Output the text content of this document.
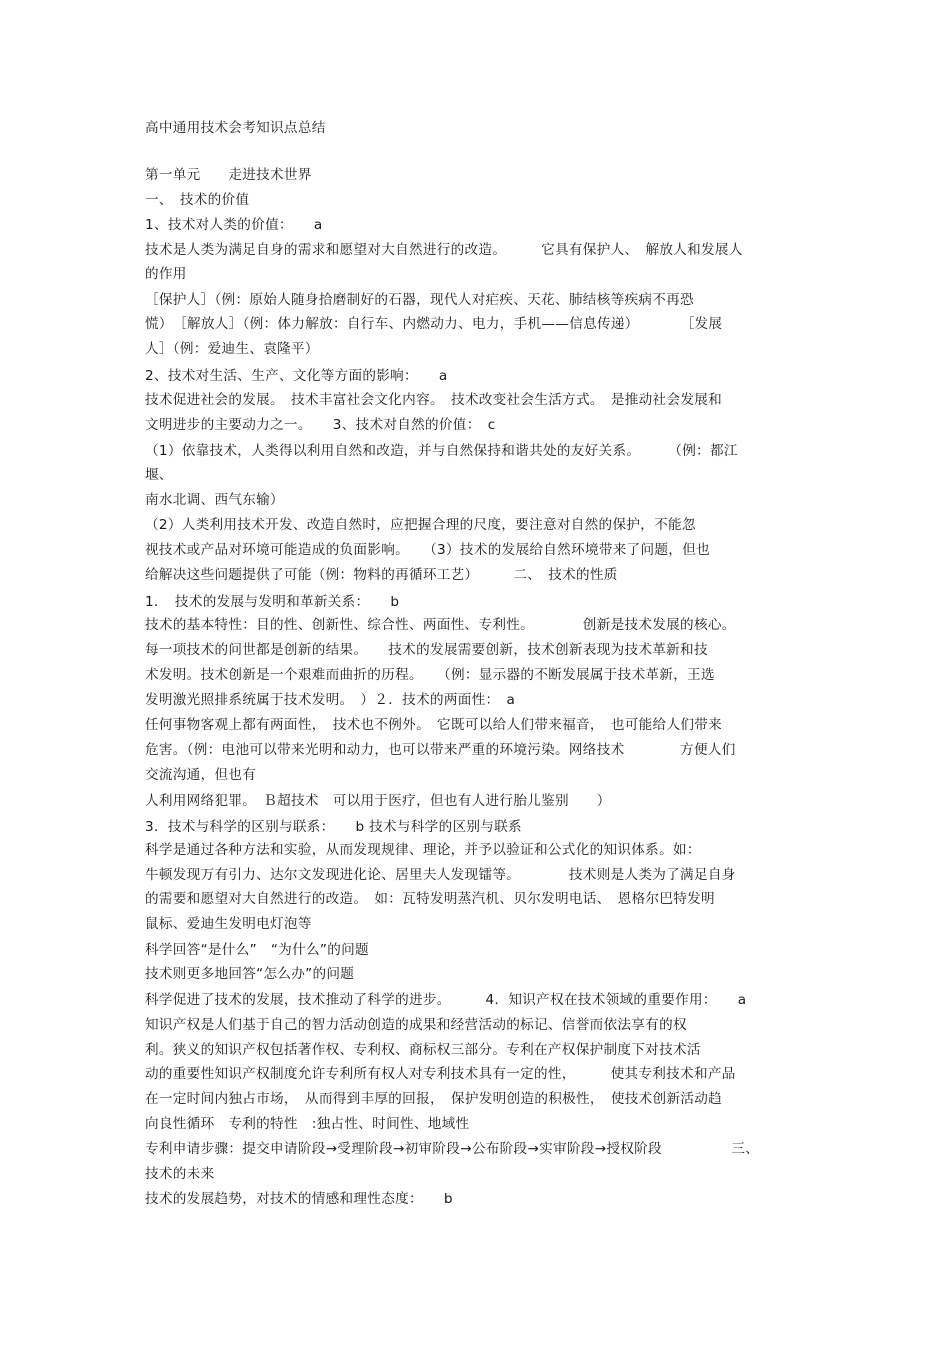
高中通用技术会考知识点总结
第一单元　　走进技术世界
一、　技术的价值
1、技术对人类的价值：　　a
技术是人类为满足自身的需求和愿望对大自然进行的改造。　　　它具有保护人、　解放人和发展人
的作用
［保护人］（例：原始人随身拾磨制好的石器，现代人对疟疾、天花、肺结核等疾病不再恐
慌）　［解放人］（例：体力解放：自行车、内燃动力、电力，手机——信息传递）　　　　［发展
人］（例：爱迪生、袁隆平）
2、技术对生活、生产、文化等方面的影响：　　a
技术促进社会的发展。　技术丰富社会文化内容。　技术改变社会生活方式。　是推动社会发展和
文明进步的主要动力之一。　　3、技术对自然的价值：　c
（1）依靠技术，人类得以利用自然和改造，并与自然保持和谐共处的友好关系。　　　（例：都江
堰、
南水北调、西气东输）
（2）人类利用技术开发、改造自然时，应把握合理的尺度，要注意对自然的保护，不能忽
视技术或产品对环境可能造成的负面影响。　　（3）技术的发展给自然环境带来了问题，但也
给解决这些问题提供了可能（例：物料的再循环工艺）　　　二、　技术的性质
1．　技术的发展与发明和革新关系：　　b
技术的基本特性：目的性、创新性、综合性、两面性、专利性。　　　　创新是技术发展的核心。
每一项技术的问世都是创新的结果。　　技术的发展需要创新，技术创新表现为技术革新和技
术发明。技术创新是一个艰难而曲折的历程。　　（例：显示器的不断发展属于技术革新，王选
发明激光照排系统属于技术发明。　）２．技术的两面性：　a
任何事物客观上都有两面性，　技术也不例外。　它既可以给人们带来福音，　也可能给人们带来
危害。（例：电池可以带来光明和动力，也可以带来严重的环境污染。网络技术　　　　方便人们
交流沟通，但也有
人利用网络犯罪。　Ｂ超技术　可以用于医疗，但也有人进行胎儿鉴别　　）
3．技术与科学的区别与联系：　　b 技术与科学的区别与联系
科学是通过各种方法和实验，从而发现规律、理论，并予以验证和公式化的知识体系。如：
牛顿发现万有引力、达尔文发现进化论、居里夫人发现镭等。　　　　技术则是人类为了满足自身
的需要和愿望对大自然进行的改造。　如：瓦特发明蒸汽机、贝尔发明电话、　恩格尔巴特发明
鼠标、爱迪生发明电灯泡等
科学回答“是什么”　“为什么”的问题
技术则更多地回答“怎么办”的问题
科学促进了技术的发展，技术推动了科学的进步。　　　4．知识产权在技术领域的重要作用：　　a
知识产权是人们基于自己的智力活动创造的成果和经营活动的标记、信誉而依法享有的权
利。狭义的知识产权包括著作权、专利权、商标权三部分。专利在产权保护制度下对技术活
动的重要性知识产权制度允许专利所有权人对专利技术具有一定的性，　　　使其专利技术和产品
在一定时间内独占市场，　从而得到丰厚的回报，　保护发明创造的积极性，　使技术创新活动趋
向良性循环　专利的特性　:独占性、时间性、地域性
专利申请步骤：提交申请阶段→受理阶段→初审阶段→公布阶段→实审阶段→授权阶段　　　　　三、
技术的未来
技术的发展趋势，对技术的情感和理性态度：　　b
